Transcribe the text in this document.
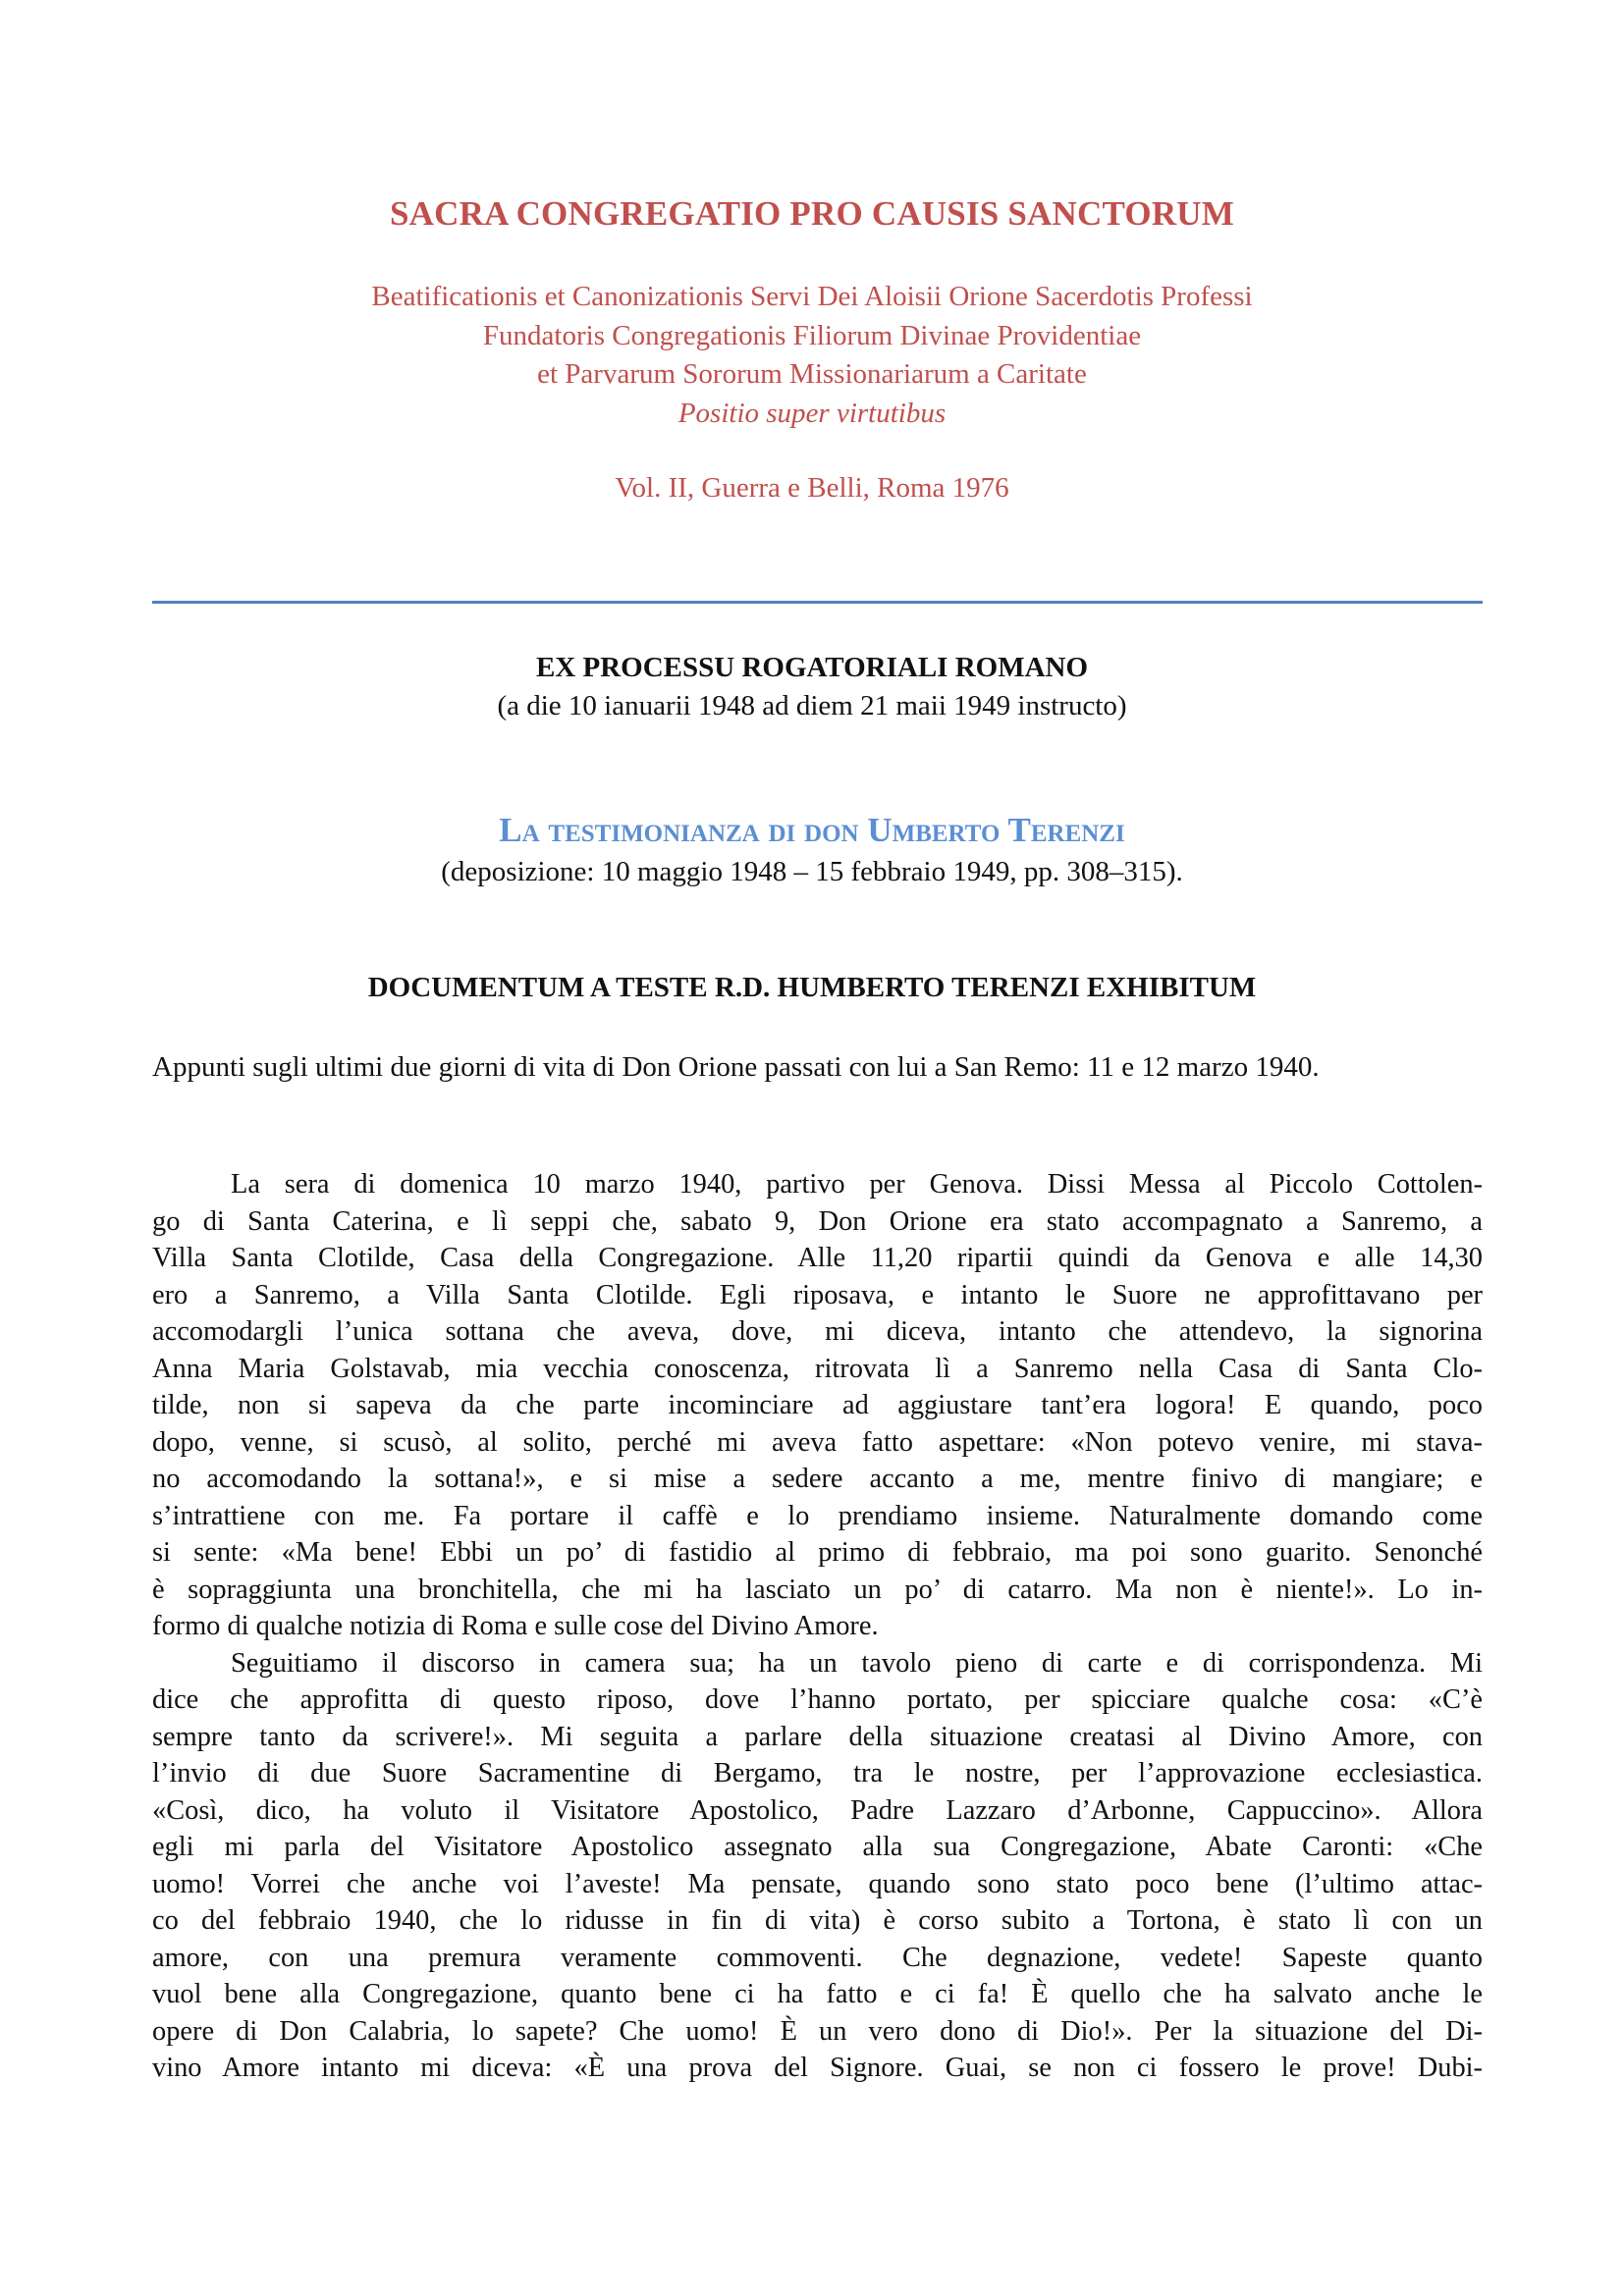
SACRA CONGREGATIO PRO CAUSIS SANCTORUM
Beatificationis et Canonizationis Servi Dei Aloisii Orione Sacerdotis Professi
Fundatoris Congregationis Filiorum Divinae Providentiae
et Parvarum Sororum Missionariarum a Caritate
Positio super virtutibus
Vol. II, Guerra e Belli, Roma 1976
EX PROCESSU ROGATORIALI ROMANO
(a die 10 ianuarii 1948 ad diem 21 maii 1949 instructo)
La testimonianza di don Umberto Terenzi
(deposizione: 10 maggio 1948 – 15 febbraio 1949, pp. 308–315).
DOCUMENTUM A TESTE R.D. HUMBERTO TERENZI EXHIBITUM
Appunti sugli ultimi due giorni di vita di Don Orione passati con lui a San Remo: 11 e 12 marzo 1940.
La sera di domenica 10 marzo 1940, partivo per Genova. Dissi Messa al Piccolo Cottolen-
go di Santa Caterina, e lì seppi che, sabato 9, Don Orione era stato accompagnato a Sanremo, a
Villa Santa Clotilde, Casa della Congregazione. Alle 11,20 ripartii quindi da Genova e alle 14,30
ero a Sanremo, a Villa Santa Clotilde. Egli riposava, e intanto le Suore ne approfittavano per
accomodargli l’unica sottana che aveva, dove, mi diceva, intanto che attendevo, la signorina
Anna Maria Golstavab, mia vecchia conoscenza, ritrovata lì a Sanremo nella Casa di Santa Clo-
tilde, non si sapeva da che parte incominciare ad aggiustare tant’era logora! E quando, poco
dopo, venne, si scusò, al solito, perché mi aveva fatto aspettare: «Non potevo venire, mi stava-
no accomodando la sottana!», e si mise a sedere accanto a me, mentre finivo di mangiare; e
s’intrattiene con me. Fa portare il caffè e lo prendiamo insieme. Naturalmente domando come
si sente: «Ma bene! Ebbi un po’ di fastidio al primo di febbraio, ma poi sono guarito. Senonché
è sopraggiunta una bronchitella, che mi ha lasciato un po’ di catarro. Ma non è niente!». Lo in-
formo di qualche notizia di Roma e sulle cose del Divino Amore.
Seguitiamo il discorso in camera sua; ha un tavolo pieno di carte e di corrispondenza. Mi
dice che approfitta di questo riposo, dove l’hanno portato, per spicciare qualche cosa: «C’è
sempre tanto da scrivere!». Mi seguita a parlare della situazione creatasi al Divino Amore, con
l’invio di due Suore Sacramentine di Bergamo, tra le nostre, per l’approvazione ecclesiastica.
«Così, dico, ha voluto il Visitatore Apostolico, Padre Lazzaro d’Arbonne, Cappuccino». Allora
egli mi parla del Visitatore Apostolico assegnato alla sua Congregazione, Abate Caronti: «Che
uomo! Vorrei che anche voi l’aveste! Ma pensate, quando sono stato poco bene (l’ultimo attac-
co del febbraio 1940, che lo ridusse in fin di vita) è corso subito a Tortona, è stato lì con un
amore, con una premura veramente commoventi. Che degnazione, vedete! Sapeste quanto
vuol bene alla Congregazione, quanto bene ci ha fatto e ci fa! È quello che ha salvato anche le
opere di Don Calabria, lo sapete? Che uomo! È un vero dono di Dio!». Per la situazione del Di-
vino Amore intanto mi diceva: «È una prova del Signore. Guai, se non ci fossero le prove! Dubi-
